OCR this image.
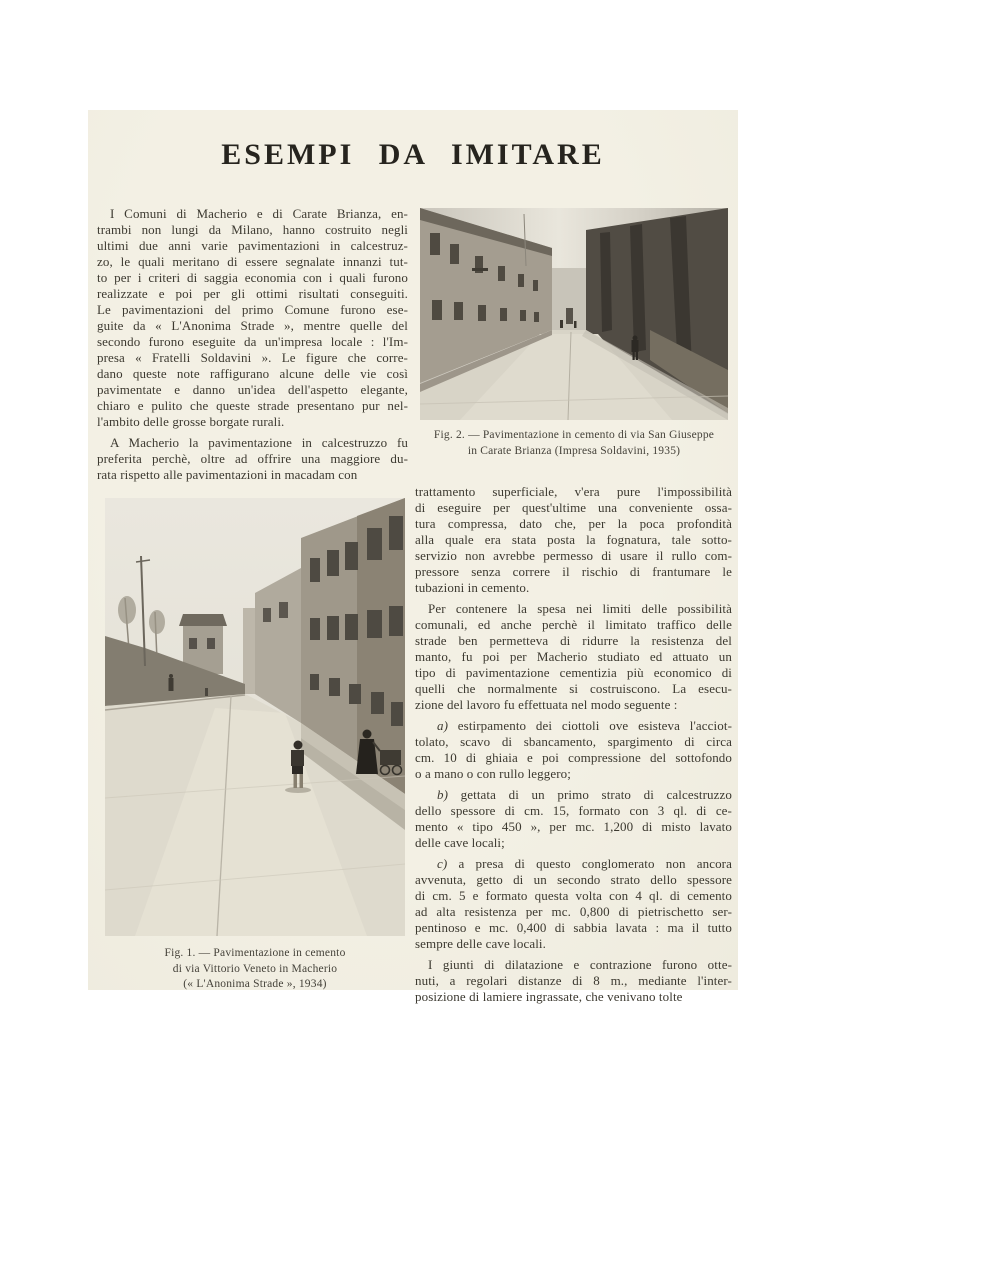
ESEMPI DA IMITARE
I Comuni di Macherio e di Carate Brianza, en-
trambi non lungi da Milano, hanno costruito negli
ultimi due anni varie pavimentazioni in calcestruz-
zo, le quali meritano di essere segnalate innanzi tut-
to per i criteri di saggia economia con i quali furono
realizzate e poi per gli ottimi risultati conseguiti.
Le pavimentazioni del primo Comune furono ese-
guite da « L'Anonima Strade », mentre quelle del
secondo furono eseguite da un'impresa locale : l'Im-
presa « Fratelli Soldavini ». Le figure che corre-
dano queste note raffigurano alcune delle vie così
pavimentate e danno un'idea dell'aspetto elegante,
chiaro e pulito che queste strade presentano pur nel-
l'ambito delle grosse borgate rurali.
A Macherio la pavimentazione in calcestruzzo fu
preferita perchè, oltre ad offrire una maggiore du-
rata rispetto alle pavimentazioni in macadam con
Fig. 2. — Pavimentazione in cemento di via San Giuseppe
in Carate Brianza (Impresa Soldavini, 1935)
trattamento superficiale, v'era pure l'impossibilità
di eseguire per quest'ultime una conveniente ossa-
tura compressa, dato che, per la poca profondità
alla quale era stata posta la fognatura, tale sotto-
servizio non avrebbe permesso di usare il rullo com-
pressore senza correre il rischio di frantumare le
tubazioni in cemento.
Per contenere la spesa nei limiti delle possibilità
comunali, ed anche perchè il limitato traffico delle
strade ben permetteva di ridurre la resistenza del
manto, fu poi per Macherio studiato ed attuato un
tipo di pavimentazione cementizia più economico di
quelli che normalmente si costruiscono. La esecu-
zione del lavoro fu effettuata nel modo seguente :
a) estirpamento dei ciottoli ove esisteva l'acciot-
tolato, scavo di sbancamento, spargimento di circa
cm. 10 di ghiaia e poi compressione del sottofondo
o a mano o con rullo leggero;
b) gettata di un primo strato di calcestruzzo
dello spessore di cm. 15, formato con 3 ql. di ce-
mento « tipo 450 », per mc. 1,200 di misto lavato
delle cave locali;
c) a presa di questo conglomerato non ancora
avvenuta, getto di un secondo strato dello spessore
di cm. 5 e formato questa volta con 4 ql. di cemento
ad alta resistenza per mc. 0,800 di pietrischetto ser-
pentinoso e mc. 0,400 di sabbia lavata : ma il tutto
sempre delle cave locali.
I giunti di dilatazione e contrazione furono otte-
nuti, a regolari distanze di 8 m., mediante l'inter-
posizione di lamiere ingrassate, che venivano tolte
Fig. 1. — Pavimentazione in cemento
di via Vittorio Veneto in Macherio
(« L'Anonima Strade », 1934)
